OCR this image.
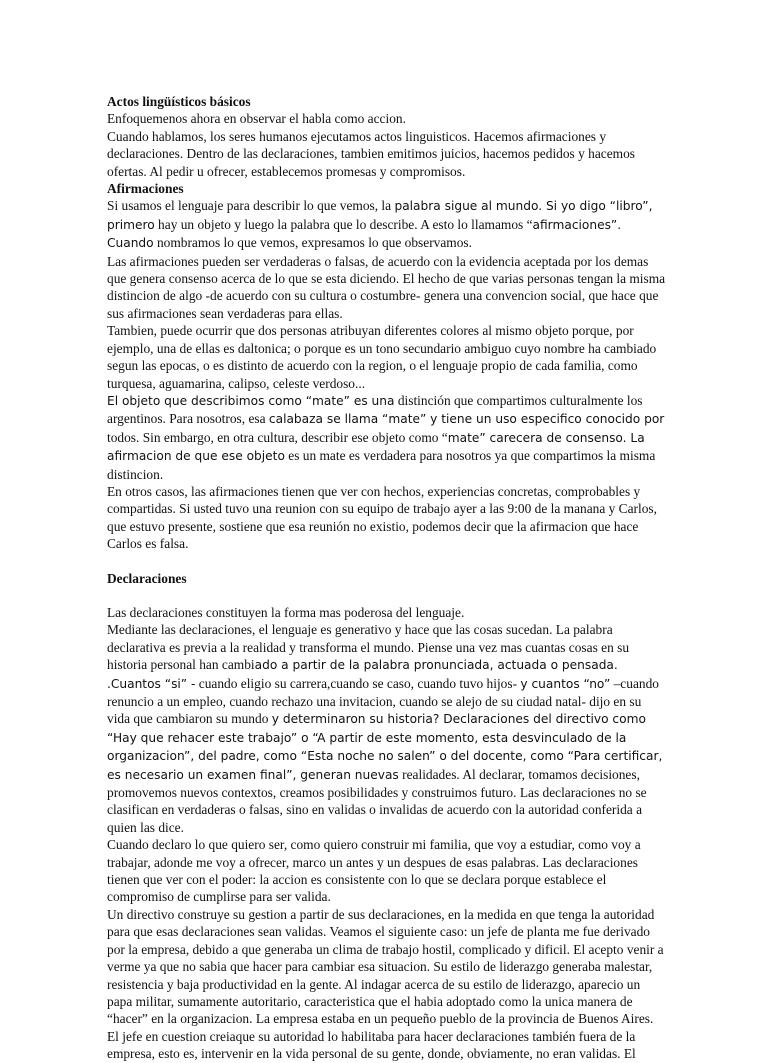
Actos lingüísticos básicos
Enfoquemenos ahora en observar el habla como accion.
Cuando hablamos, los seres humanos ejecutamos actos linguisticos. Hacemos afirmaciones y declaraciones. Dentro de las declaraciones, tambien emitimos juicios, hacemos pedidos y hacemos ofertas. Al pedir u ofrecer, establecemos promesas y compromisos.
Afirmaciones
Si usamos el lenguaje para describir lo que vemos, la palabra sigue al mundo. Si yo digo “libro”, primero hay un objeto y luego la palabra que lo describe. A esto lo llamamos “afirmaciones”. Cuando nombramos lo que vemos, expresamos lo que observamos.
Las afirmaciones pueden ser verdaderas o falsas, de acuerdo con la evidencia aceptada por los demas que genera consenso acerca de lo que se esta diciendo. El hecho de que varias personas tengan la misma distincion de algo -de acuerdo con su cultura o costumbre- genera una convencion social, que hace que sus afirmaciones sean verdaderas para ellas.
Tambien, puede ocurrir que dos personas atribuyan diferentes colores al mismo objeto porque, por ejemplo, una de ellas es daltonica; o porque es un tono secundario ambiguo cuyo nombre ha cambiado segun las epocas, o es distinto de acuerdo con la region, o el lenguaje propio de cada familia, como turquesa, aguamarina, calipso, celeste verdoso...
El objeto que describimos como “mate” es una distinción que compartimos culturalmente los argentinos. Para nosotros, esa calabaza se llama “mate” y tiene un uso especifico conocido por todos. Sin embargo, en otra cultura, describir ese objeto como “mate” carecera de consenso. La afirmacion de que ese objeto es un mate es verdadera para nosotros ya que compartimos la misma distincion.
En otros casos, las afirmaciones tienen que ver con hechos, experiencias concretas, comprobables y compartidas. Si usted tuvo una reunion con su equipo de trabajo ayer a las 9:00 de la manana y Carlos, que estuvo presente, sostiene que esa reunión no existio, podemos decir que la afirmacion que hace Carlos es falsa.
Declaraciones
Las declaraciones constituyen la forma mas poderosa del lenguaje.
Mediante las declaraciones, el lenguaje es generativo y hace que las cosas sucedan. La palabra declarativa es previa a la realidad y transforma el mundo. Piense una vez mas cuantas cosas en su historia personal han cambiado a partir de la palabra pronunciada, actuada o pensada. .Cuantos “si” - cuando eligio su carrera,cuando se caso, cuando tuvo hijos- y cuantos “no” –cuando renuncio a un empleo, cuando rechazo una invitacion, cuando se alejo de su ciudad natal- dijo en su vida que cambiaron su mundo y determinaron su historia? Declaraciones del directivo como “Hay que rehacer este trabajo” o “A partir de este momento, esta desvinculado de la organizacion”, del padre, como “Esta noche no salen” o del docente, como “Para certificar, es necesario un examen final”, generan nuevas realidades. Al declarar, tomamos decisiones, promovemos nuevos contextos, creamos posibilidades y construimos futuro. Las declaraciones no se clasifican en verdaderas o falsas, sino en validas o invalidas de acuerdo con la autoridad conferida a quien las dice.
Cuando declaro lo que quiero ser, como quiero construir mi familia, que voy a estudiar, como voy a trabajar, adonde me voy a ofrecer, marco un antes y un despues de esas palabras. Las declaraciones tienen que ver con el poder: la accion es consistente con lo que se declara porque establece el compromiso de cumplirse para ser valida.
Un directivo construye su gestion a partir de sus declaraciones, en la medida en que tenga la autoridad para que esas declaraciones sean validas. Veamos el siguiente caso: un jefe de planta me fue derivado por la empresa, debido a que generaba un clima de trabajo hostil, complicado y dificil. El acepto venir a verme ya que no sabia que hacer para cambiar esa situacion. Su estilo de liderazgo generaba malestar, resistencia y baja productividad en la gente. Al indagar acerca de su estilo de liderazgo, aparecio un papa militar, sumamente autoritario, caracteristica que el habia adoptado como la unica manera de
“hacer” en la organizacion. La empresa estaba en un pequeño pueblo de la provincia de Buenos Aires. El jefe en cuestion creiaque su autoridad lo habilitaba para hacer declaraciones también fuera de la empresa, esto es, intervenir en la vida personal de su gente, donde, obviamente, no eran validas. El
